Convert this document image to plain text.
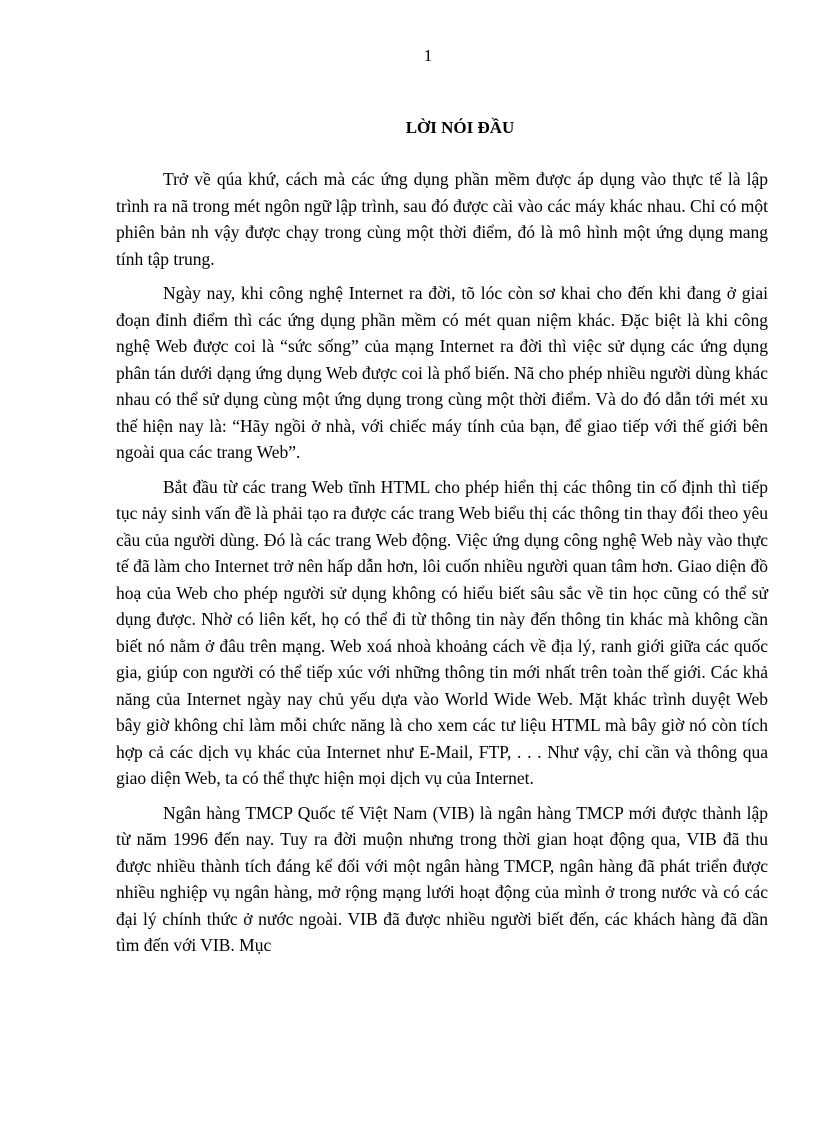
1
LỜI NÓI ĐẦU

Trở về qúa khứ, cách mà các ứng dụng phần mềm được áp dụng vào thực tế là lập trình ra nã trong mét ngôn ngữ lập trình, sau đó được cài vào các máy khác nhau. Chỉ có một phiên bản nh vậy được chạy trong cùng một thời điểm, đó là mô hình một ứng dụng mang tính tập trung.

Ngày nay, khi công nghệ Internet ra đời, tõ lóc còn sơ khai cho đến khi đang ở giai đoạn đỉnh điểm thì các ứng dụng phần mềm có mét quan niệm khác. Đặc biệt là khi công nghệ Web được coi là “sức sống” của mạng Internet ra đời thì việc sử dụng các ứng dụng phân tán dưới dạng ứng dụng Web được coi là phổ biến. Nã cho phép nhiều người dùng khác nhau có thể sử dụng cùng một ứng dụng trong cùng một thời điểm. Và do đó dẫn tới mét xu thế hiện nay là: “Hãy ngồi ở nhà, với chiếc máy tính của bạn, để giao tiếp với thế giới bên ngoài qua các trang Web”.

Bắt đầu từ các trang Web tĩnh HTML cho phép hiển thị các thông tin cố định thì tiếp tục nảy sinh vấn đề là phải tạo ra được các trang Web biểu thị các thông tin thay đổi theo yêu cầu của người dùng. Đó là các trang Web động. Việc ứng dụng công nghệ Web này vào thực tế đã làm cho Internet trở nên hấp dẫn hơn, lôi cuốn nhiều người quan tâm hơn. Giao diện đồ hoạ của Web cho phép người sử dụng không có hiểu biết sâu sắc về tin học cũng có thể sử dụng được. Nhờ có liên kết, họ có thể đi từ thông tin này đến thông tin khác mà không cần biết nó nằm ở đâu trên mạng. Web xoá nhoà khoảng cách về địa lý, ranh giới giữa các quốc gia, giúp con người có thể tiếp xúc với những thông tin mới nhất trên toàn thế giới. Các khả năng của Internet ngày nay chủ yếu dựa vào World Wide Web. Mặt khác trình duyệt Web bây giờ không chỉ làm mỗi chức năng là cho xem các tư liệu HTML mà bây giờ nó còn tích hợp cả các dịch vụ khác của Internet như E-Mail, FTP, . . . Như vậy, chỉ cần và thông qua giao diện Web, ta có thể thực hiện mọi dịch vụ của Internet.

Ngân hàng TMCP Quốc tế Việt Nam (VIB) là ngân hàng TMCP mới được thành lập từ năm 1996 đến nay. Tuy ra đời muộn nhưng trong thời gian hoạt động qua, VIB đã thu được nhiều thành tích đáng kể đối với một ngân hàng TMCP, ngân hàng đã phát triển được nhiều nghiệp vụ ngân hàng, mở rộng mạng lưới hoạt động của mình ở trong nước và có các đại lý chính thức ở nước ngoài. VIB đã được nhiều người biết đến, các khách hàng đã dần tìm đến với VIB. Mục
